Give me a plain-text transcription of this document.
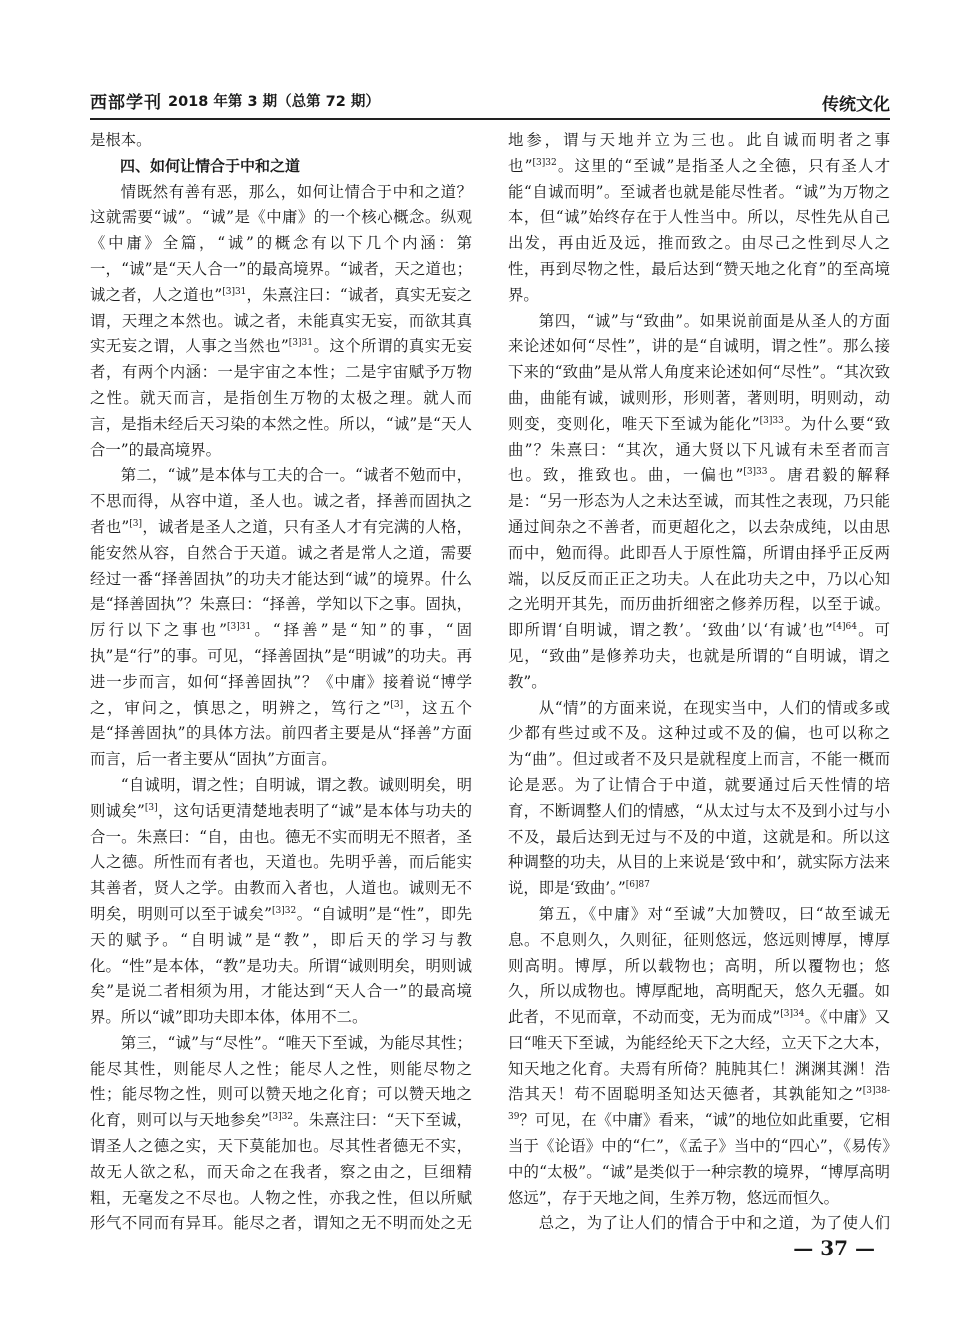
西部学刊 2018 年第 3 期（总第 72 期）	传统文化

是根本。

四、如何让情合于中和之道

情既然有善有恶，那么，如何让情合于中和之道？这就需要“诚”。“诚”是《中庸》的一个核心概念。纵观《中庸》全篇，“诚”的概念有以下几个内涵：第一，“诚”是“天人合一”的最高境界。“诚者，天之道也；诚之者，人之道也”$^{[3]31}$，朱熹注曰：“诚者，真实无妄之谓，天理之本然也。诚之者，未能真实无妄，而欲其真实无妄之谓，人事之当然也”$^{[3]31}$。这个所谓的真实无妄者，有两个内涵：一是宇宙之本性；二是宇宙赋予万物之性。就天而言，是指创生万物的太极之理。就人而言，是指未经后天习染的本然之性。所以，“诚”是“天人合一”的最高境界。

第二，“诚”是本体与工夫的合一。“诚者不勉而中，不思而得，从容中道，圣人也。诚之者，择善而固执之者也”[3]，诚者是圣人之道，只有圣人才有完满的人格，能安然从容，自然合于天道。诚之者是常人之道，需要经过一番“择善固执”的功夫才能达到“诚”的境界。什么是“择善固执”？朱熹曰：“择善，学知以下之事。固执，厉行以下之事也”$^{[3]31}$。“择善”是“知”的事，“固执”是“行”的事。可见，“择善固执”是“明诚”的功夫。再进一步而言，如何“择善固执”？《中庸》接着说“博学之，审问之，慎思之，明辨之，笃行之”[3]，这五个是“择善固执”的具体方法。前四者主要是从“择善”方面而言，后一者主要从“固执”方面言。

“自诚明，谓之性；自明诚，谓之教。诚则明矣，明则诚矣”[3]，这句话更清楚地表明了“诚”是本体与功夫的合一。朱熹曰：“自，由也。德无不实而明无不照者，圣人之德。所性而有者也，天道也。先明乎善，而后能实其善者，贤人之学。由教而入者也，人道也。诚则无不明矣，明则可以至于诚矣”$^{[3]32}$。“自诚明”是“性”，即先天的赋予。“自明诚”是“教”，即后天的学习与教化。“性”是本体，“教”是功夫。所谓“诚则明矣，明则诚矣”是说二者相须为用，才能达到“天人合一”的最高境界。所以“诚”即功夫即本体，体用不二。

第三，“诚”与“尽性”。“唯天下至诚，为能尽其性；能尽其性，则能尽人之性；能尽人之性，则能尽物之性；能尽物之性，则可以赞天地之化育；可以赞天地之化育，则可以与天地参矣”$^{[3]32}$。朱熹注曰：“天下至诚，谓圣人之德之实，天下莫能加也。尽其性者德无不实，故无人欲之私，而天命之在我者，察之由之，巨细精粗，无毫发之不尽也。人物之性，亦我之性，但以所赋形气不同而有异耳。能尽之者，谓知之无不明而处之无

地参，谓与天地并立为三也。此自诚而明者之事也”$^{[3]32}$。这里的“至诚”是指圣人之全德，只有圣人才能“自诚而明”。至诚者也就是能尽性者。“诚”为万物之本，但“诚”始终存在于人性当中。所以，尽性先从自己出发，再由近及远，推而致之。由尽己之性到尽人之性，再到尽物之性，最后达到“赞天地之化育”的至高境界。

第四，“诚”与“致曲”。如果说前面是从圣人的方面来论述如何“尽性”，讲的是“自诚明，谓之性”。那么接下来的“致曲”是从常人角度来论述如何“尽性”。“其次致曲，曲能有诚，诚则形，形则著，著则明，明则动，动则变，变则化，唯天下至诚为能化”$^{[3]33}$。为什么要“致曲”？朱熹曰：“其次，通大贤以下凡诚有未至者而言也。致，推致也。曲，一偏也”$^{[3]33}$。唐君毅的解释是：“另一形态为人之未达至诚，而其性之表现，乃只能通过间杂之不善者，而更超化之，以去杂成纯，以由思而中，勉而得。此即吾人于原性篇，所谓由择乎正反两端，以反反而正正之功夫。人在此功夫之中，乃以心知之光明开其先，而历曲折细密之修养历程，以至于诚。即所谓‘自明诚，谓之教’。‘致曲’以‘有诚’也”$^{[4]64}$。可见，“致曲”是修养功夫，也就是所谓的“自明诚，谓之教”。

从“情”的方面来说，在现实当中，人们的情或多或少都有些过或不及。这种过或不及的偏，也可以称之为“曲”。但过或者不及只是就程度上而言，不能一概而论是恶。为了让情合于中道，就要通过后天性情的培育，不断调整人们的情感，“从太过与太不及到小过与小不及，最后达到无过与不及的中道，这就是和。所以这种调整的功夫，从目的上来说是‘致中和’，就实际方法来说，即是‘致曲’。”$^{[6]87}$

第五，《中庸》对“至诚”大加赞叹，曰“故至诚无息。不息则久，久则征，征则悠远，悠远则博厚，博厚则高明。博厚，所以载物也；高明，所以覆物也；悠久，所以成物也。博厚配地，高明配天，悠久无疆。如此者，不见而章，不动而变，无为而成”$^{[3]34}$。《中庸》又曰“唯天下至诚，为能经纶天下之大经，立天下之大本，知天地之化育。夫焉有所倚？肫肫其仁！渊渊其渊！浩浩其天！苟不固聪明圣知达天德者，其孰能知之”$^{[3]38-39}$？可见，在《中庸》看来，“诚”的地位如此重要，它相当于《论语》中的“仁”，《孟子》当中的“四心”，《易传》中的“太极”。“诚”是类似于一种宗教的境界，“博厚高明悠远”，存于天地之间，生养万物，悠远而恒久。

总之，为了让人们的情合于中和之道，为了使人们

— 37 —
